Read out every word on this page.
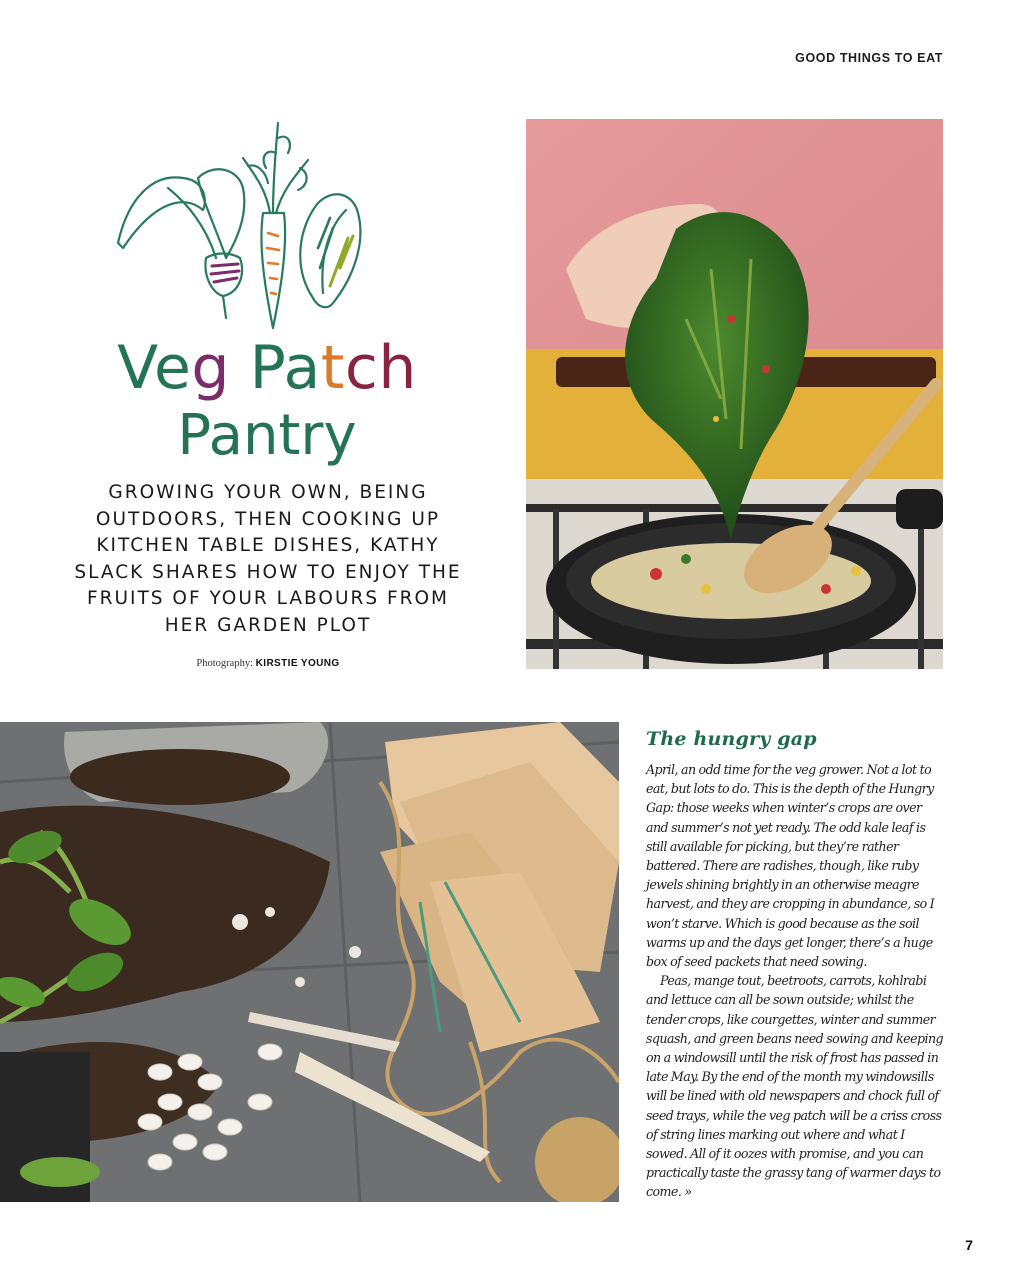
GOOD THINGS TO EAT
Veg Patch
Pantry

GROWING YOUR OWN, BEING OUTDOORS, THEN COOKING UP KITCHEN TABLE DISHES, KATHY SLACK SHARES HOW TO ENJOY THE FRUITS OF YOUR LABOURS FROM HER GARDEN PLOT

Photography: KIRSTIE YOUNG
The hungry gap

April, an odd time for the veg grower. Not a lot to eat, but lots to do. This is the depth of the Hungry Gap: those weeks when winter’s crops are over and summer’s not yet ready. The odd kale leaf is still available for picking, but they’re rather battered. There are radishes, though, like ruby jewels shining brightly in an otherwise meagre harvest, and they are cropping in abundance, so I won’t starve. Which is good because as the soil warms up and the days get longer, there’s a huge box of seed packets that need sowing.

Peas, mange tout, beetroots, carrots, kohlrabi and lettuce can all be sown outside; whilst the tender crops, like courgettes, winter and summer squash, and green beans need sowing and keeping on a windowsill until the risk of frost has passed in late May. By the end of the month my windowsills will be lined with old newspapers and chock full of seed trays, while the veg patch will be a criss cross of string lines marking out where and what I sowed. All of it oozes with promise, and you can practically taste the grassy tang of warmer days to come. »

7
